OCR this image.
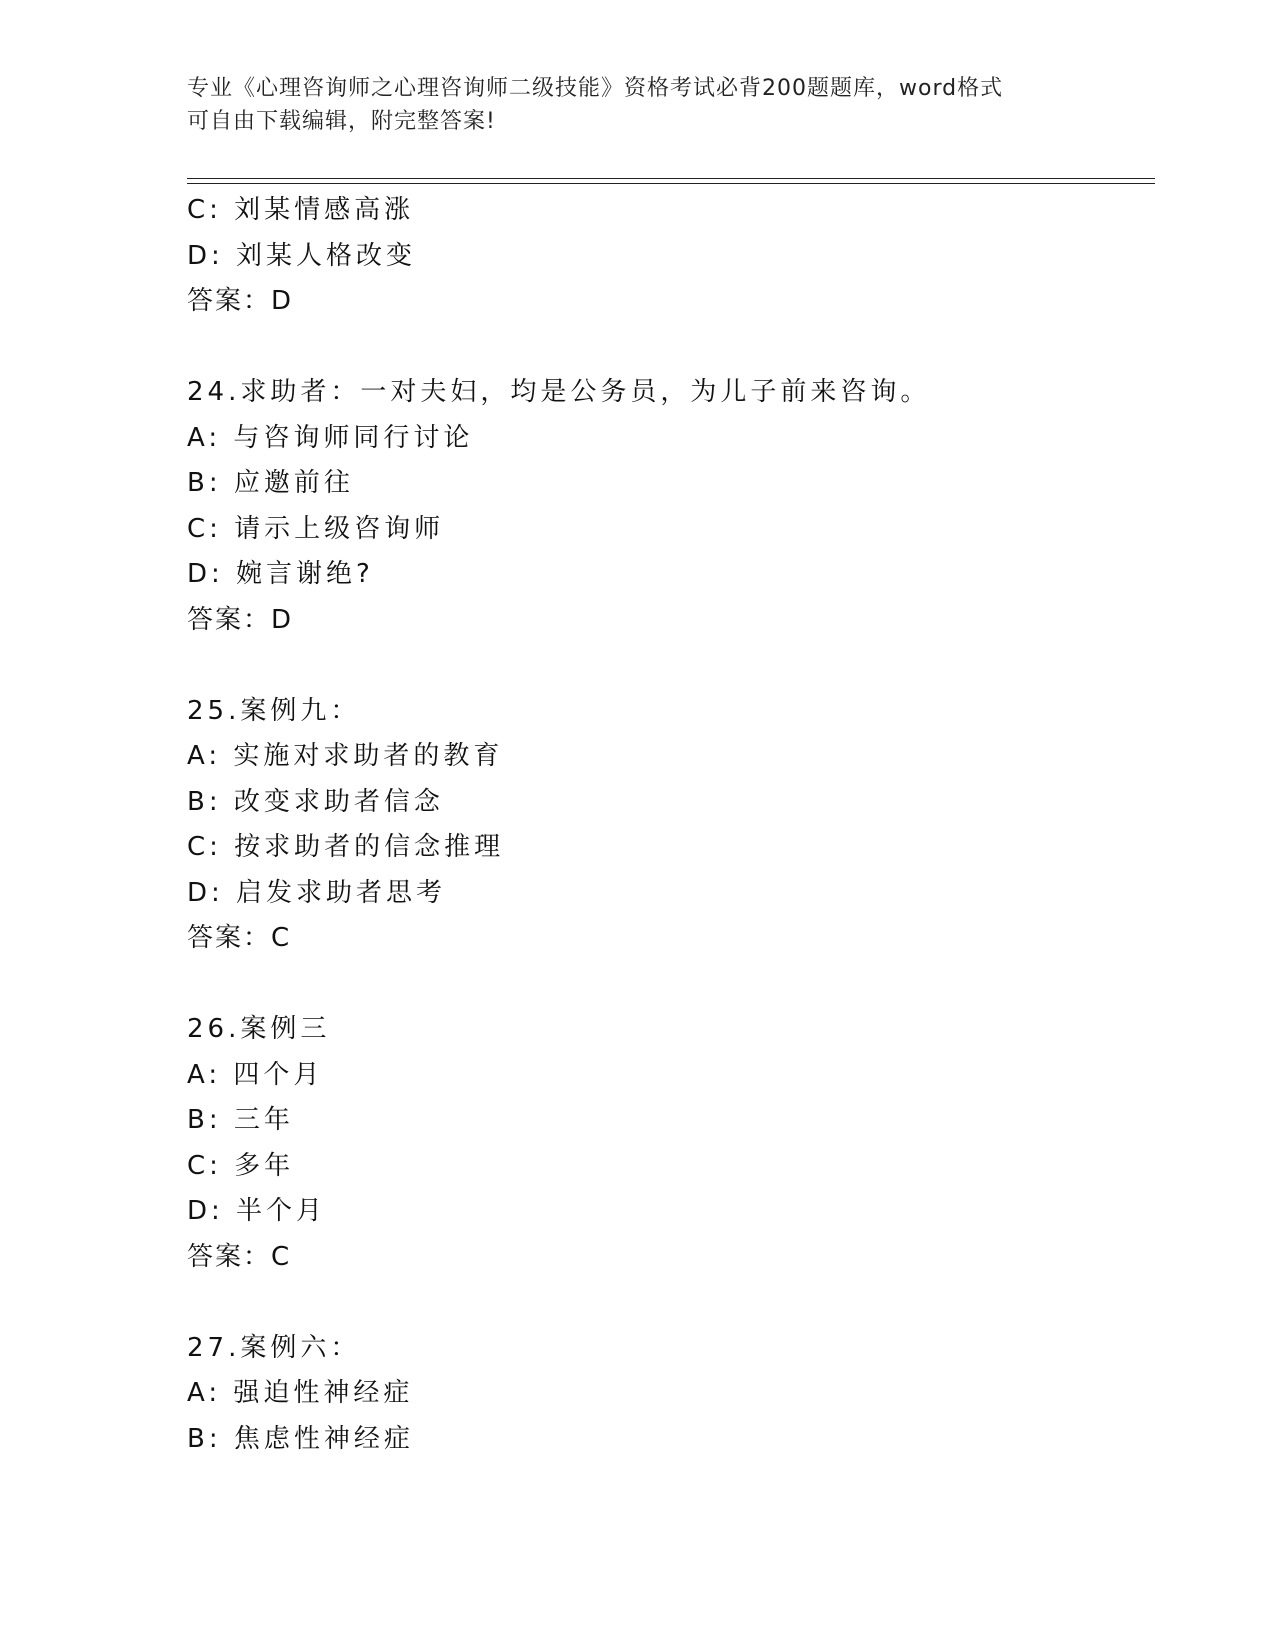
专业《心理咨询师之心理咨询师二级技能》资格考试必背200题题库，word格式
可自由下载编辑，附完整答案!
C: 刘某情感高涨
D: 刘某人格改变
答案：D
24.求助者：一对夫妇，均是公务员，为儿子前来咨询。
A: 与咨询师同行讨论
B: 应邀前往
C: 请示上级咨询师
D: 婉言谢绝?
答案：D
25.案例九：
A: 实施对求助者的教育
B: 改变求助者信念
C: 按求助者的信念推理
D: 启发求助者思考
答案：C
26.案例三
A: 四个月
B: 三年
C: 多年
D: 半个月
答案：C
27.案例六：
A: 强迫性神经症
B: 焦虑性神经症
